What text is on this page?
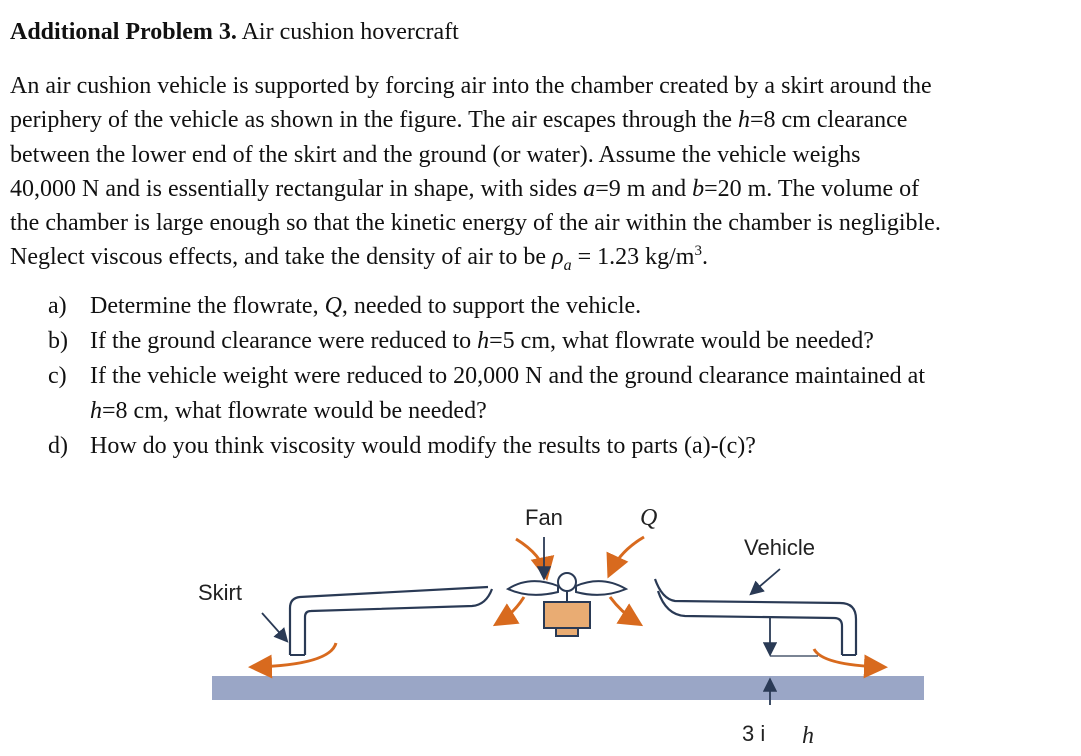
Additional Problem 3. Air cushion hovercraft
An air cushion vehicle is supported by forcing air into the chamber created by a skirt around the
periphery of the vehicle as shown in the figure. The air escapes through the h=8 cm clearance
between the lower end of the skirt and the ground (or water). Assume the vehicle weighs
40,000 N and is essentially rectangular in shape, with sides a=9 m and b=20 m. The volume of
the chamber is large enough so that the kinetic energy of the air within the chamber is negligible.
Neglect viscous effects, and take the density of air to be $\rho_a = 1.23$ $kg/m^3$.
a) Determine the flowrate, Q, needed to support the vehicle.
b) If the ground clearance were reduced to h=5 cm, what flowrate would be needed?
c) If the vehicle weight were reduced to 20,000 N and the ground clearance maintained at
h=8 cm, what flowrate would be needed?
d) How do you think viscosity would modify the results to parts (a)-(c)?
Fan	Q
Vehicle
Skirt
3 i h
